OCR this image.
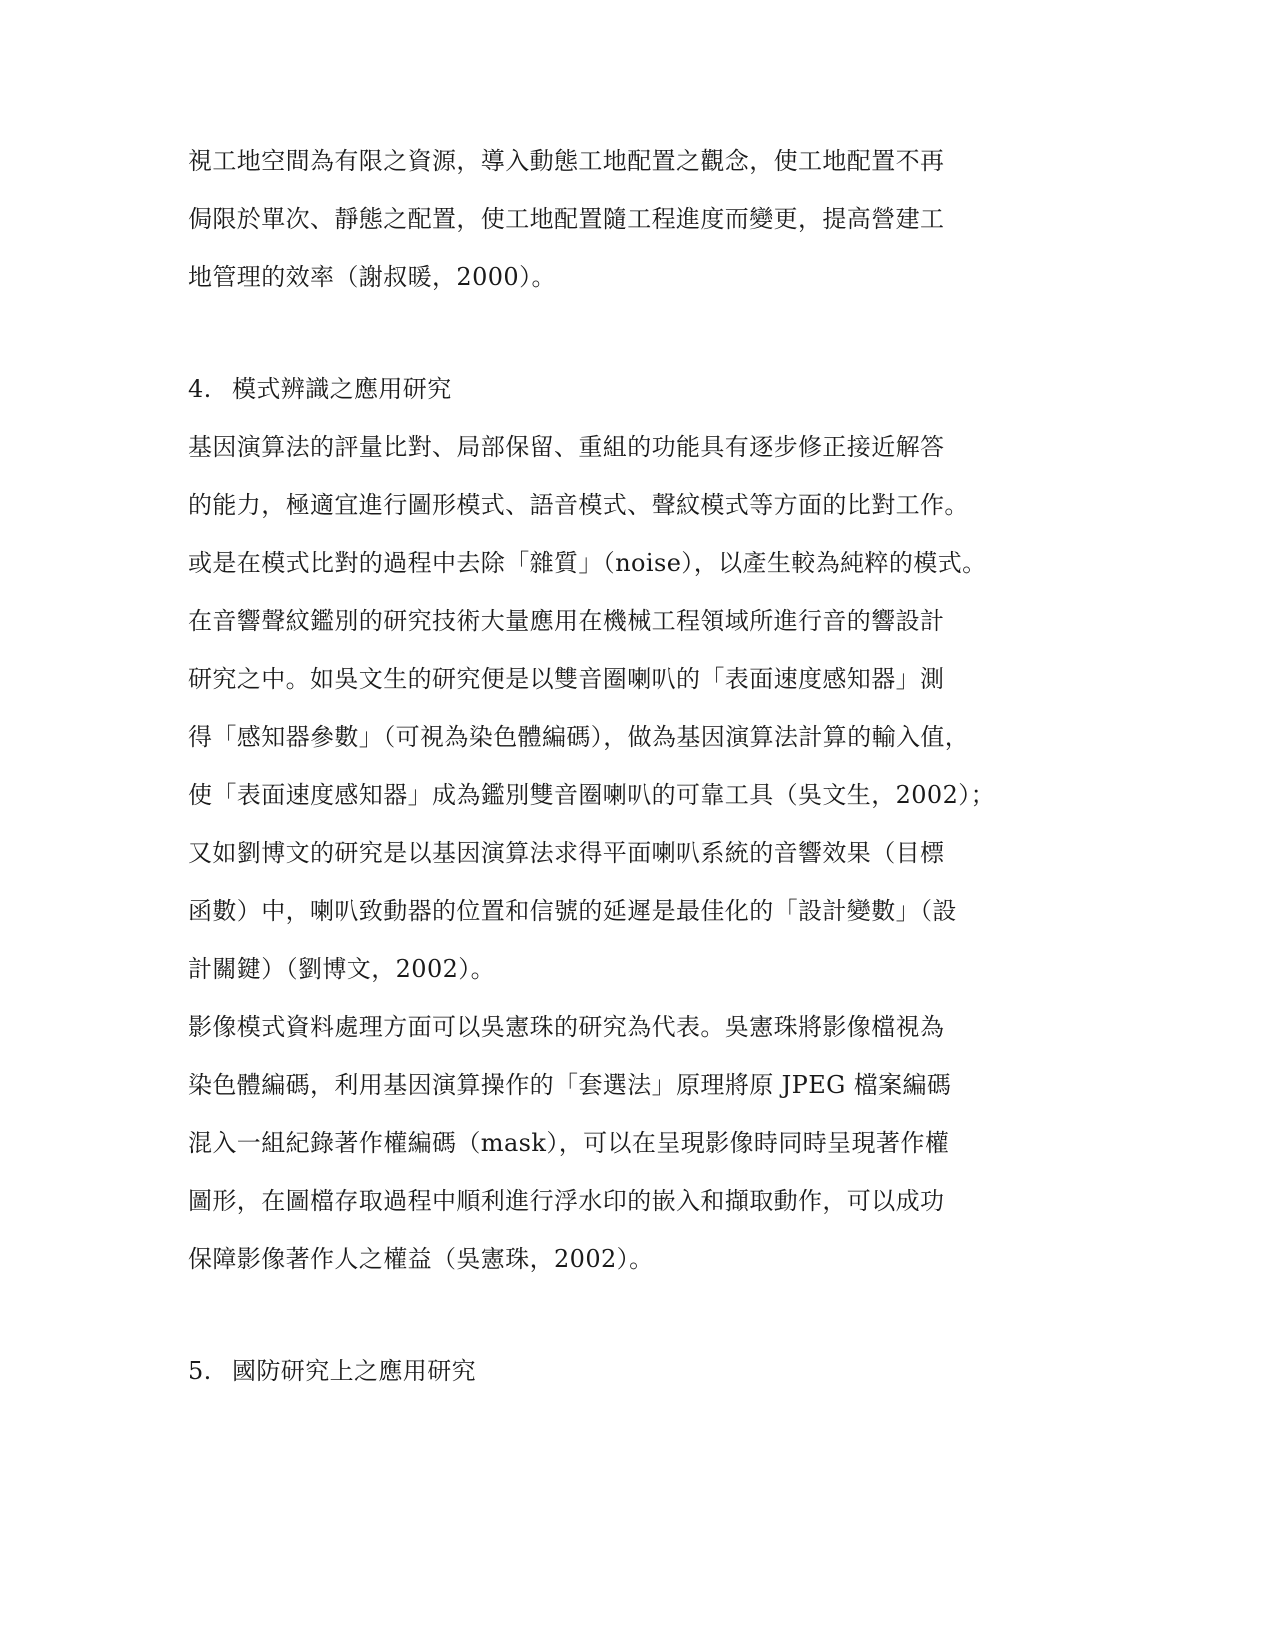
視工地空間為有限之資源，導入動態工地配置之觀念，使工地配置不再
侷限於單次、靜態之配置，使工地配置隨工程進度而變更，提高營建工
地管理的效率（謝叔暖，2000）。
4. 模式辨識之應用研究
基因演算法的評量比對、局部保留、重組的功能具有逐步修正接近解答
的能力，極適宜進行圖形模式、語音模式、聲紋模式等方面的比對工作。
或是在模式比對的過程中去除「雜質」（noise），以產生較為純粹的模式。
在音響聲紋鑑別的研究技術大量應用在機械工程領域所進行音的響設計
研究之中。如吳文生的研究便是以雙音圈喇叭的「表面速度感知器」測
得「感知器參數」（可視為染色體編碼），做為基因演算法計算的輸入值，
使「表面速度感知器」成為鑑別雙音圈喇叭的可靠工具（吳文生，2002）；
又如劉博文的研究是以基因演算法求得平面喇叭系統的音響效果（目標
函數）中，喇叭致動器的位置和信號的延遲是最佳化的「設計變數」（設
計關鍵）（劉博文，2002）。
影像模式資料處理方面可以吳憲珠的研究為代表。吳憲珠將影像檔視為
染色體編碼，利用基因演算操作的「套選法」原理將原 JPEG 檔案編碼
混入一組紀錄著作權編碼（mask），可以在呈現影像時同時呈現著作權
圖形，在圖檔存取過程中順利進行浮水印的嵌入和擷取動作，可以成功
保障影像著作人之權益（吳憲珠，2002）。
5. 國防研究上之應用研究
